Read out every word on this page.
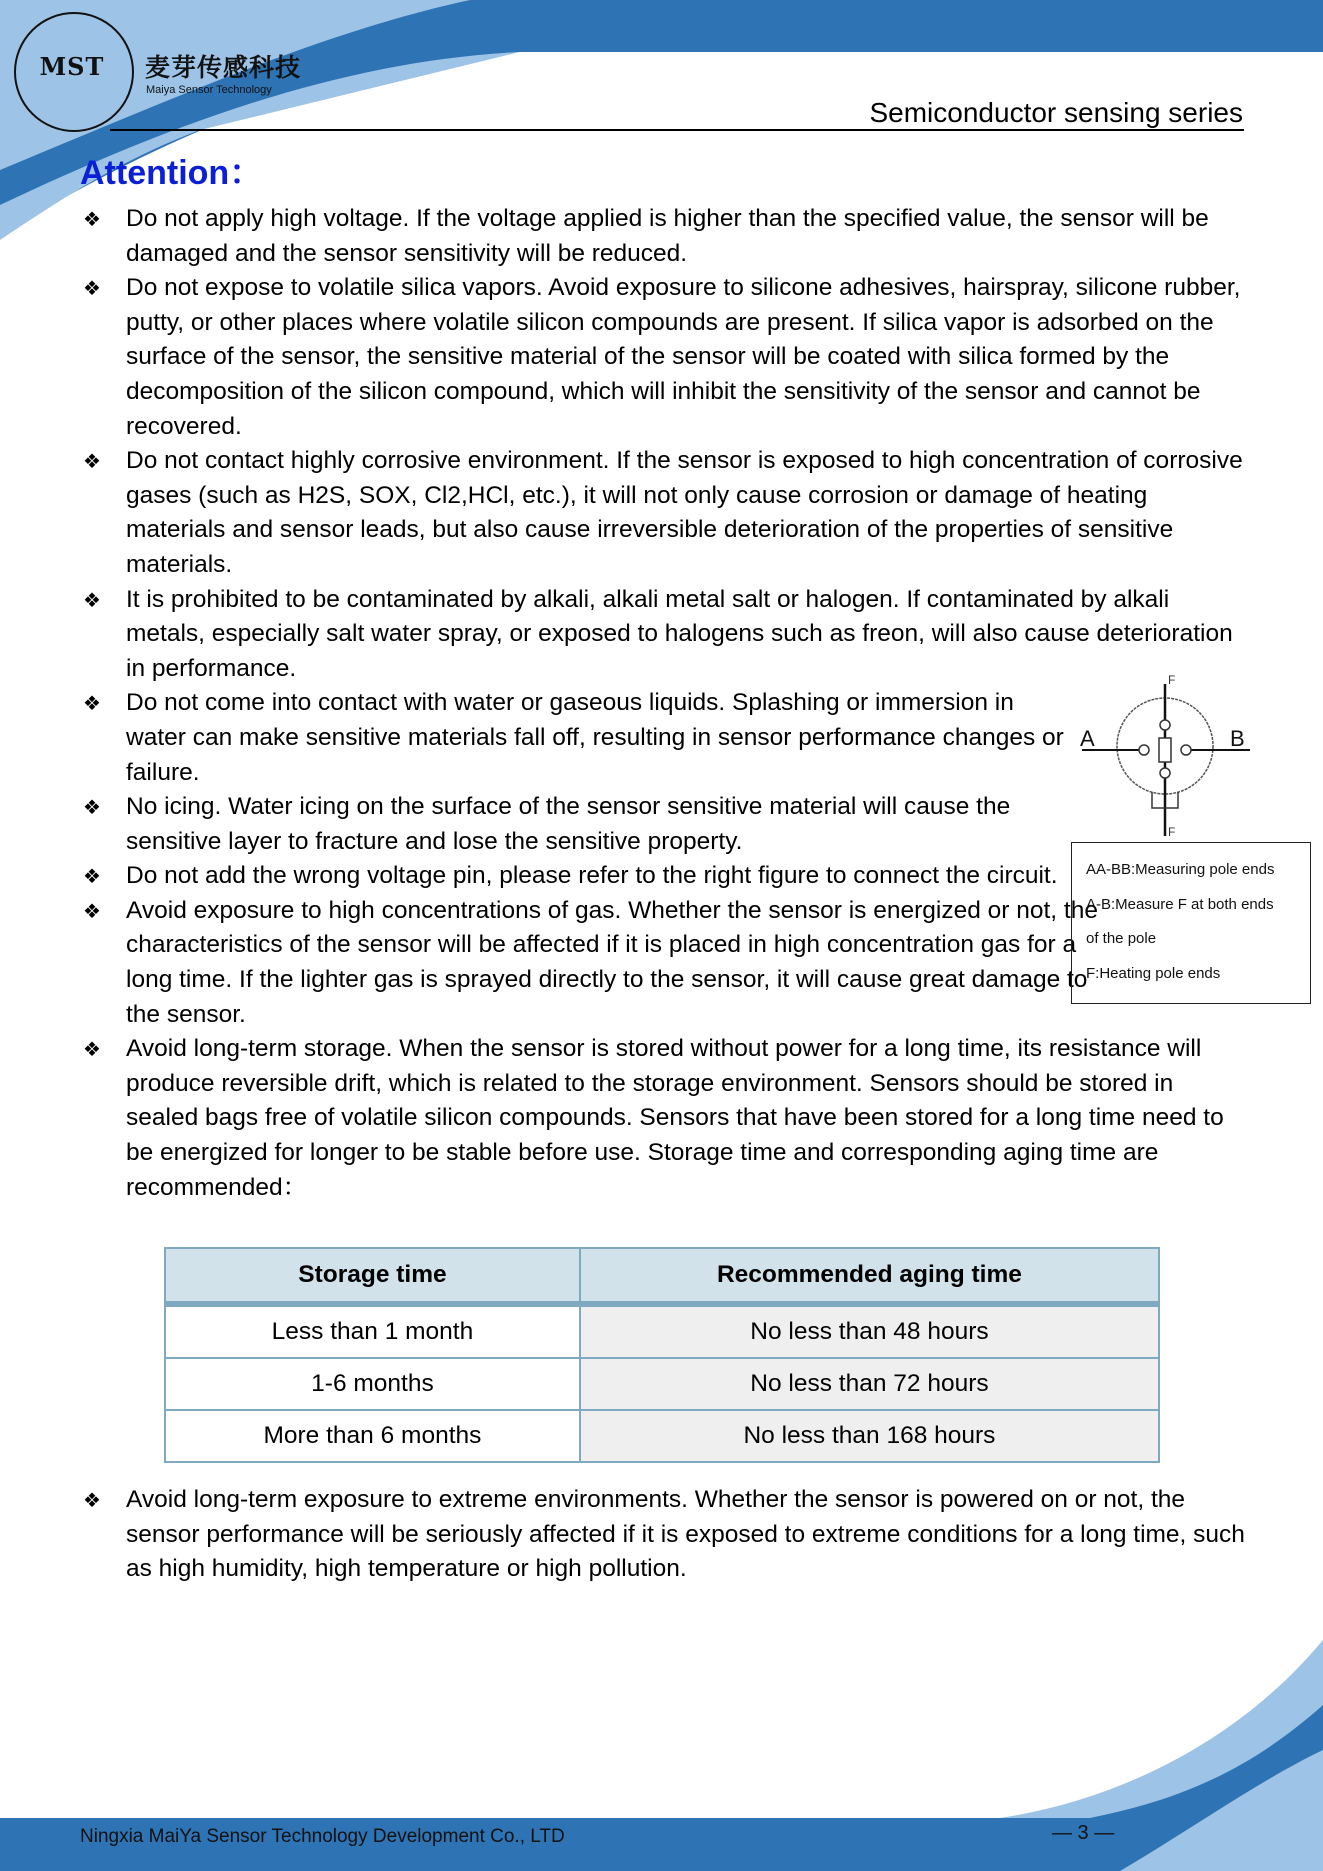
MST	麦芽传感科技
Maiya Sensor Technology
Semiconductor sensing series
Attention：
❖ Do not apply high voltage. If the voltage applied is higher than the specified value, the sensor will be damaged and the sensor sensitivity will be reduced.
❖ Do not expose to volatile silica vapors. Avoid exposure to silicone adhesives, hairspray, silicone rubber, putty, or other places where volatile silicon compounds are present. If silica vapor is adsorbed on the surface of the sensor, the sensitive material of the sensor will be coated with silica formed by the decomposition of the silicon compound, which will inhibit the sensitivity of the sensor and cannot be recovered.
❖ Do not contact highly corrosive environment. If the sensor is exposed to high concentration of corrosive gases (such as H2S, SOX, Cl2,HCl, etc.), it will not only cause corrosion or damage of heating materials and sensor leads, but also cause irreversible deterioration of the properties of sensitive materials.
❖ It is prohibited to be contaminated by alkali, alkali metal salt or halogen. If contaminated by alkali metals, especially salt water spray, or exposed to halogens such as freon, will also cause deterioration in performance.
❖ Do not come into contact with water or gaseous liquids. Splashing or immersion in water can make sensitive materials fall off, resulting in sensor performance changes or failure.
❖ No icing. Water icing on the surface of the sensor sensitive material will cause the sensitive layer to fracture and lose the sensitive property.
❖ Do not add the wrong voltage pin, please refer to the right figure to connect the circuit.
❖ Avoid exposure to high concentrations of gas. Whether the sensor is energized or not, the characteristics of the sensor will be affected if it is placed in high concentration gas for a long time. If the lighter gas is sprayed directly to the sensor, it will cause great damage to the sensor.
❖ Avoid long-term storage. When the sensor is stored without power for a long time, its resistance will produce reversible drift, which is related to the storage environment. Sensors should be stored in sealed bags free of volatile silicon compounds. Sensors that have been stored for a long time need to be energized for longer to be stable before use. Storage time and corresponding aging time are recommended：
F
A	B
F
AA-BB:Measuring pole ends
A-B:Measure F at both ends
of the pole
F:Heating pole ends
Storage time	Recommended aging time
Less than 1 month	No less than 48 hours
1-6 months	No less than 72 hours
More than 6 months	No less than 168 hours
❖ Avoid long-term exposure to extreme environments. Whether the sensor is powered on or not, the sensor performance will be seriously affected if it is exposed to extreme conditions for a long time, such as high humidity, high temperature or high pollution.
Ningxia MaiYa Sensor Technology Development Co., LTD	— 3 —
